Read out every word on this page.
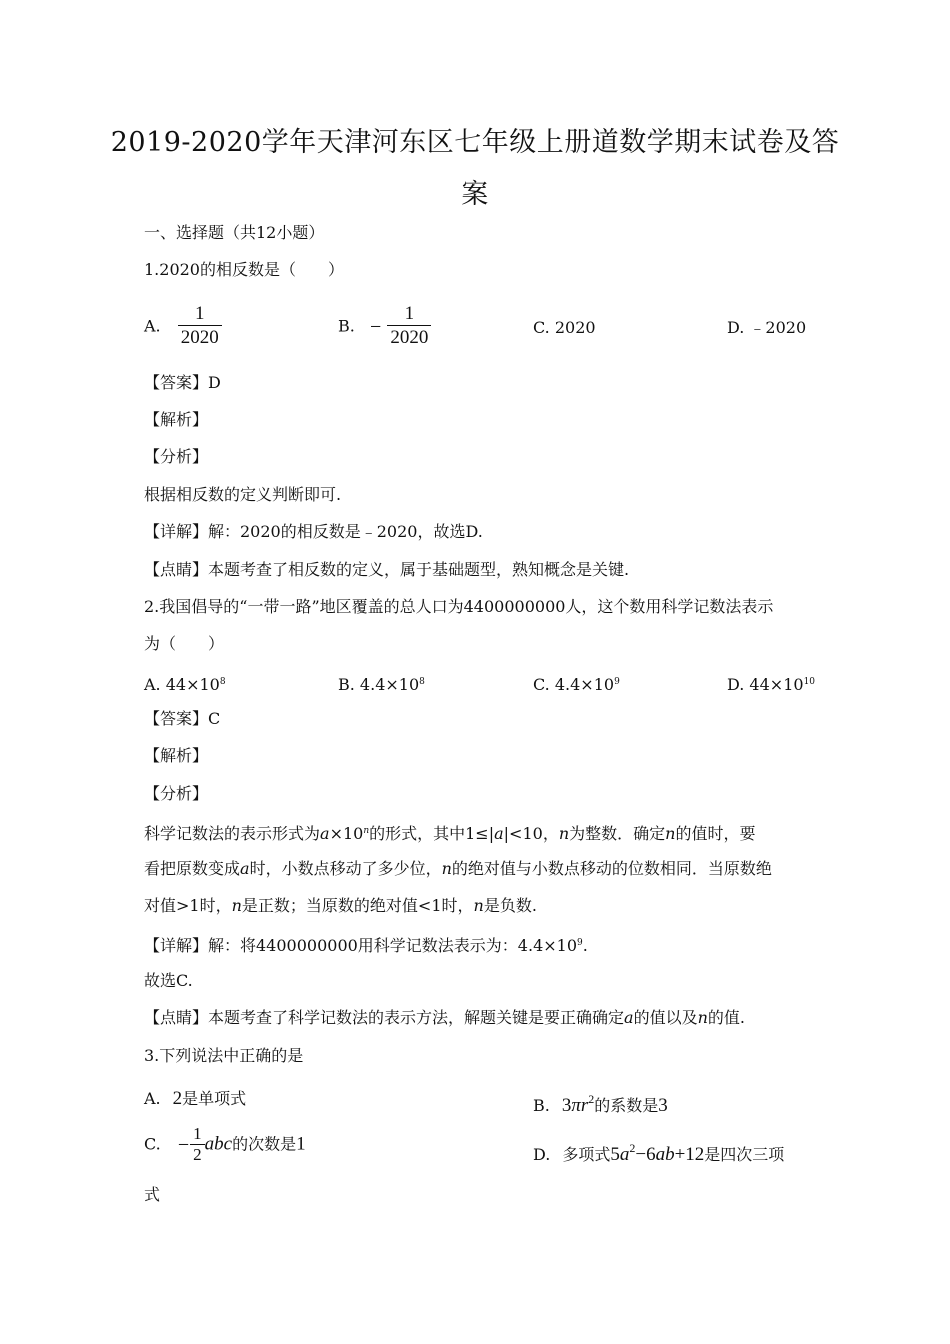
2019-2020学年天津河东区七年级上册道数学期末试卷及答
案
一、选择题（共12小题）
1.2020的相反数是（　　）
A. $\frac{1}{2020}$	B. − $\frac{1}{2020}$	C. 2020	D. ﹣2020
【答案】D
【解析】
【分析】
根据相反数的定义判断即可.
【详解】解：2020的相反数是﹣2020，故选D.
【点睛】本题考查了相反数的定义，属于基础题型，熟知概念是关键.
2.我国倡导的“一带一路”地区覆盖的总人口为4400000000人，这个数用科学记数法表示
为（　　）
A. $44\times 10^8$	B. $4.4\times 10^8$	C. $4.4\times 10^9$	D. $44\times 10^{10}$
【答案】C
【解析】
【分析】
科学记数法的表示形式为$a\times 10^n$的形式，其中1≤|a|<10，n为整数．确定n的值时，要
看把原数变成a时，小数点移动了多少位，n的绝对值与小数点移动的位数相同．当原数绝
对值>1时，n是正数；当原数的绝对值<1时，n是负数.
【详解】解：将4400000000用科学记数法表示为：$4.4\times 10^9$.
故选C.
【点睛】本题考查了科学记数法的表示方法，解题关键是要正确确定a的值以及n的值.
3.下列说法中正确的是
A. 2是单项式	B. $3\pi r^2$的系数是3
C. − $\frac{1}{2}$ abc的次数是1	D. 多项式$5a^2-6ab+12$是四次三项
式
